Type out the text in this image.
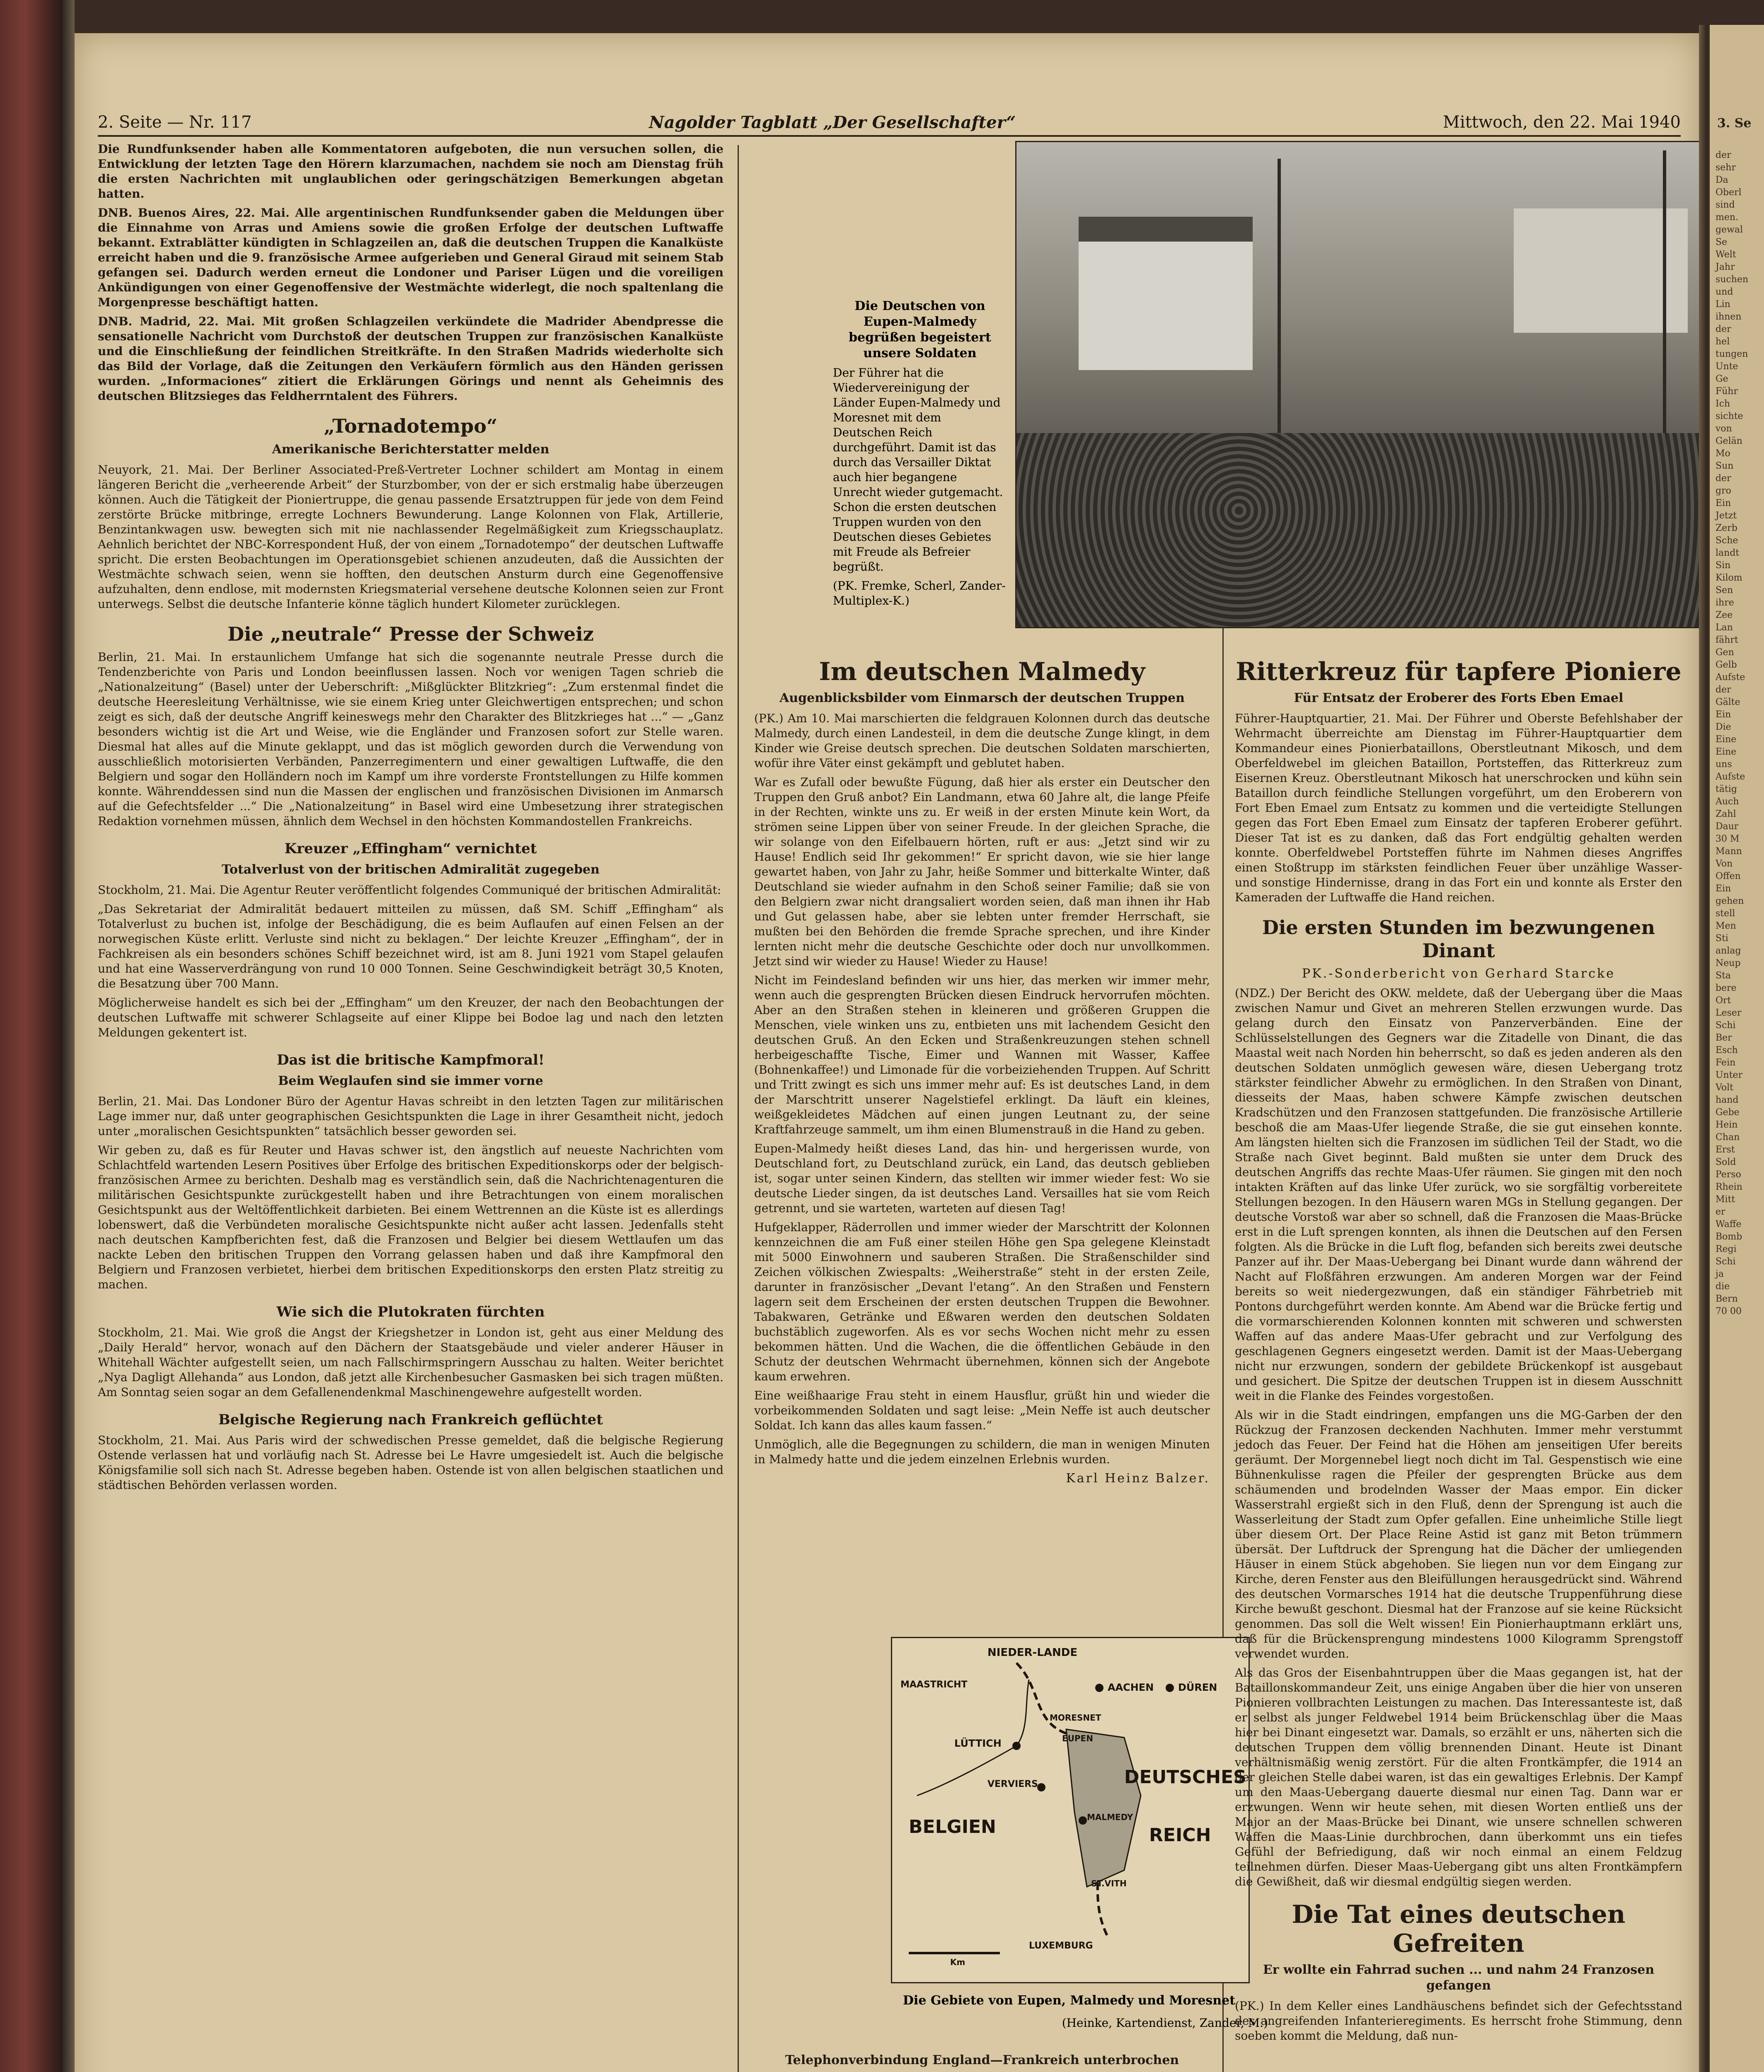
2. Seite — Nr. 117	Nagolder Tagblatt „Der Gesellschafter“	Mittwoch, den 22. Mai 1940

Die Rundfunksender haben alle Kommentatoren aufgeboten, die nun versuchen sollen, die Entwicklung der letzten Tage den Hörern klarzumachen, nachdem sie noch am Dienstag früh die ersten Nachrichten mit unglaublichen oder geringschätzigen Bemerkungen abgetan hatten.

DNB. Buenos Aires, 22. Mai. Alle argentinischen Rundfunksender gaben die Meldungen über die Einnahme von Arras und Amiens sowie die großen Erfolge der deutschen Luftwaffe bekannt. Extrablätter kündigten in Schlagzeilen an, daß die deutschen Truppen die Kanalküste erreicht haben und die 9. französische Armee aufgerieben und General Giraud mit seinem Stab gefangen sei. Dadurch werden erneut die Londoner und Pariser Lügen und die voreiligen Ankündigungen von einer Gegenoffensive der Westmächte widerlegt, die noch spaltenlang die Morgenpresse beschäftigt hatten.

DNB. Madrid, 22. Mai. Mit großen Schlagzeilen verkündete die Madrider Abendpresse die sensationelle Nachricht vom Durchstoß der deutschen Truppen zur französischen Kanalküste und die Einschließung der feindlichen Streitkräfte. In den Straßen Madrids wiederholte sich das Bild der Vorlage, daß die Zeitungen den Verkäufern förmlich aus den Händen gerissen wurden. „Informaciones“ zitiert die Erklärungen Görings und nennt als Geheimnis des deutschen Blitzsieges das Feldherrntalent des Führers.

„Tornadotempo“
Amerikanische Berichterstatter melden

Neuyork, 21. Mai. Der Berliner Associated-Preß-Vertreter Lochner schildert am Montag in einem längeren Bericht die „verheerende Arbeit“ der Sturzbomber, von der er sich erstmalig habe überzeugen können. Auch die Tätigkeit der Pioniertruppe, die genau passende Ersatztruppen für jede von dem Feind zerstörte Brücke mitbringe, erregte Lochners Bewunderung. Lange Kolonnen von Flak, Artillerie, Benzintankwagen usw. bewegten sich mit nie nachlassender Regelmäßigkeit zum Kriegsschauplatz. Aehnlich berichtet der NBC-Korrespondent Huß, der von einem „Tornadotempo“ der deutschen Luftwaffe spricht. Die ersten Beobachtungen im Operationsgebiet schienen anzudeuten, daß die Aussichten der Westmächte schwach seien, wenn sie hofften, den deutschen Ansturm durch eine Gegenoffensive aufzuhalten, denn endlose, mit modernsten Kriegsmaterial versehene deutsche Kolonnen seien zur Front unterwegs. Selbst die deutsche Infanterie könne täglich hundert Kilometer zurücklegen.

Die „neutrale“ Presse der Schweiz

Berlin, 21. Mai. In erstaunlichem Umfange hat sich die sogenannte neutrale Presse durch die Tendenzberichte von Paris und London beeinflussen lassen. Noch vor wenigen Tagen schrieb die „Nationalzeitung“ (Basel) unter der Ueberschrift: „Mißglückter Blitzkrieg“: „Zum erstenmal findet die deutsche Heeresleitung Verhältnisse, wie sie einem Krieg unter Gleichwertigen entsprechen; und schon zeigt es sich, daß der deutsche Angriff keineswegs mehr den Charakter des Blitzkrieges hat ...“ — „Ganz besonders wichtig ist die Art und Weise, wie die Engländer und Franzosen sofort zur Stelle waren. Diesmal hat alles auf die Minute geklappt, und das ist möglich geworden durch die Verwendung von ausschließlich motorisierten Verbänden, Panzerregimentern und einer gewaltigen Luftwaffe, die den Belgiern und sogar den Holländern noch im Kampf um ihre vorderste Frontstellungen zu Hilfe kommen konnte. Währenddessen sind nun die Massen der englischen und französischen Divisionen im Anmarsch auf die Gefechtsfelder ...“ Die „Nationalzeitung“ in Basel wird eine Umbesetzung ihrer strategischen Redaktion vornehmen müssen, ähnlich dem Wechsel in den höchsten Kommandostellen Frankreichs.

Kreuzer „Effingham“ vernichtet
Totalverlust von der britischen Admiralität zugegeben

Stockholm, 21. Mai. Die Agentur Reuter veröffentlicht folgendes Communiqué der britischen Admiralität:

„Das Sekretariat der Admiralität bedauert mitteilen zu müssen, daß SM. Schiff „Effingham“ als Totalverlust zu buchen ist, infolge der Beschädigung, die es beim Auflaufen auf einen Felsen an der norwegischen Küste erlitt. Verluste sind nicht zu beklagen.“ Der leichte Kreuzer „Effingham“, der in Fachkreisen als ein besonders schönes Schiff bezeichnet wird, ist am 8. Juni 1921 vom Stapel gelaufen und hat eine Wasserverdrängung von rund 10 000 Tonnen. Seine Geschwindigkeit beträgt 30,5 Knoten, die Besatzung über 700 Mann.

Möglicherweise handelt es sich bei der „Effingham“ um den Kreuzer, der nach den Beobachtungen der deutschen Luftwaffe mit schwerer Schlagseite auf einer Klippe bei Bodoe lag und nach den letzten Meldungen gekentert ist.

Das ist die britische Kampfmoral!
Beim Weglaufen sind sie immer vorne

Berlin, 21. Mai. Das Londoner Büro der Agentur Havas schreibt in den letzten Tagen zur militärischen Lage immer nur, daß unter geographischen Gesichtspunkten die Lage in ihrer Gesamtheit nicht, jedoch unter „moralischen Gesichtspunkten“ tatsächlich besser geworden sei.

Wir geben zu, daß es für Reuter und Havas schwer ist, den ängstlich auf neueste Nachrichten vom Schlachtfeld wartenden Lesern Positives über Erfolge des britischen Expeditionskorps oder der belgisch-französischen Armee zu berichten. Deshalb mag es verständlich sein, daß die Nachrichtenagenturen die militärischen Gesichtspunkte zurückgestellt haben und ihre Betrachtungen von einem moralischen Gesichtspunkt aus der Weltöffentlichkeit darbieten. Bei einem Wettrennen an die Küste ist es allerdings lobenswert, daß die Verbündeten moralische Gesichtspunkte nicht außer acht lassen. Jedenfalls steht nach deutschen Kampfberichten fest, daß die Franzosen und Belgier bei diesem Wettlaufen um das nackte Leben den britischen Truppen den Vorrang gelassen haben und daß ihre Kampfmoral den Belgiern und Franzosen verbietet, hierbei dem britischen Expeditionskorps den ersten Platz streitig zu machen.

Wie sich die Plutokraten fürchten

Stockholm, 21. Mai. Wie groß die Angst der Kriegshetzer in London ist, geht aus einer Meldung des „Daily Herald“ hervor, wonach auf den Dächern der Staatsgebäude und vieler anderer Häuser in Whitehall Wächter aufgestellt seien, um nach Fallschirmspringern Ausschau zu halten. Weiter berichtet „Nya Dagligt Allehanda“ aus London, daß jetzt alle Kirchenbesucher Gasmasken bei sich tragen müßten. Am Sonntag seien sogar an dem Gefallenendenkmal Maschinengewehre aufgestellt worden.

Belgische Regierung nach Frankreich geflüchtet

Stockholm, 21. Mai. Aus Paris wird der schwedischen Presse gemeldet, daß die belgische Regierung Ostende verlassen hat und vorläufig nach St. Adresse bei Le Havre umgesiedelt ist. Auch die belgische Königsfamilie soll sich nach St. Adresse begeben haben. Ostende ist von allen belgischen staatlichen und städtischen Behörden verlassen worden.

Die Deutschen von Eupen-Malmedy begrüßen begeistert unsere Soldaten

Der Führer hat die Wiedervereinigung der Länder Eupen-Malmedy und Moresnet mit dem Deutschen Reich durchgeführt. Damit ist das durch das Versailler Diktat auch hier begangene Unrecht wieder gutgemacht. Schon die ersten deutschen Truppen wurden von den Deutschen dieses Gebietes mit Freude als Befreier begrüßt.

(PK. Fremke, Scherl, Zander-Multiplex-K.)

Im deutschen Malmedy
Augenblicksbilder vom Einmarsch der deutschen Truppen

(PK.) Am 10. Mai marschierten die feldgrauen Kolonnen durch das deutsche Malmedy, durch einen Landesteil, in dem die deutsche Zunge klingt, in dem Kinder wie Greise deutsch sprechen. Die deutschen Soldaten marschierten, wofür ihre Väter einst gekämpft und geblutet haben.

War es Zufall oder bewußte Fügung, daß hier als erster ein Deutscher den Truppen den Gruß anbot? Ein Landmann, etwa 60 Jahre alt, die lange Pfeife in der Rechten, winkte uns zu. Er weiß in der ersten Minute kein Wort, da strömen seine Lippen über von seiner Freude. In der gleichen Sprache, die wir solange von den Eifelbauern hörten, ruft er aus: „Jetzt sind wir zu Hause! Endlich seid Ihr gekommen!“ Er spricht davon, wie sie hier lange gewartet haben, von Jahr zu Jahr, heiße Sommer und bitterkalte Winter, daß Deutschland sie wieder aufnahm in den Schoß seiner Familie; daß sie von den Belgiern zwar nicht drangsaliert worden seien, daß man ihnen ihr Hab und Gut gelassen habe, aber sie lebten unter fremder Herrschaft, sie mußten bei den Behörden die fremde Sprache sprechen, und ihre Kinder lernten nicht mehr die deutsche Geschichte oder doch nur unvollkommen. Jetzt sind wir wieder zu Hause! Wieder zu Hause!

Nicht im Feindesland befinden wir uns hier, das merken wir immer mehr, wenn auch die gesprengten Brücken diesen Eindruck hervorrufen möchten. Aber an den Straßen stehen in kleineren und größeren Gruppen die Menschen, viele winken uns zu, entbieten uns mit lachendem Gesicht den deutschen Gruß. An den Ecken und Straßenkreuzungen stehen schnell herbeigeschaffte Tische, Eimer und Wannen mit Wasser, Kaffee (Bohnenkaffee!) und Limonade für die vorbeiziehenden Truppen. Auf Schritt und Tritt zwingt es sich uns immer mehr auf: Es ist deutsches Land, in dem der Marschtritt unserer Nagelstiefel erklingt. Da läuft ein kleines, weißgekleidetes Mädchen auf einen jungen Leutnant zu, der seine Kraftfahrzeuge sammelt, um ihm einen Blumenstrauß in die Hand zu geben.

Eupen-Malmedy heißt dieses Land, das hin- und hergerissen wurde, von Deutschland fort, zu Deutschland zurück, ein Land, das deutsch geblieben ist, sogar unter seinen Kindern, das stellten wir immer wieder fest: Wo sie deutsche Lieder singen, da ist deutsches Land. Versailles hat sie vom Reich getrennt, und sie warteten, warteten auf diesen Tag!

Hufgeklapper, Räderrollen und immer wieder der Marschtritt der Kolonnen kennzeichnen die am Fuß einer steilen Höhe gen Spa gelegene Kleinstadt mit 5000 Einwohnern und sauberen Straßen. Die Straßenschilder sind Zeichen völkischen Zwiespalts: „Weiherstraße“ steht in der ersten Zeile, darunter in französischer „Devant l'etang“. An den Straßen und Fenstern lagern seit dem Erscheinen der ersten deutschen Truppen die Bewohner. Tabakwaren, Getränke und Eßwaren werden den deutschen Soldaten buchstäblich zugeworfen. Als es vor sechs Wochen nicht mehr zu essen bekommen hätten. Und die Wachen, die die öffentlichen Gebäude in den Schutz der deutschen Wehrmacht übernehmen, können sich der Angebote kaum erwehren.

Eine weißhaarige Frau steht in einem Hausflur, grüßt hin und wieder die vorbeikommenden Soldaten und sagt leise: „Mein Neffe ist auch deutscher Soldat. Ich kann das alles kaum fassen.“

Unmöglich, alle die Begegnungen zu schildern, die man in wenigen Minuten in Malmedy hatte und die jedem einzelnen Erlebnis wurden.

Karl Heinz Balzer.
NIEDER-LANDE
MAASTRICHT	AACHEN DÜREN
LÜTTICH
MORESNET
EUPEN
VERVIERS	DEUTSCHES
REICH
BELGIEN	MALMEDY
ST.VITH
LUXEMBURG
Km
Die Gebiete von Eupen, Malmedy und Moresnet
(Heinke, Kartendienst, Zander, M.)
Telephonverbindung England—Frankreich unterbrochen

Ritterkreuz für tapfere Pioniere
Für Entsatz der Eroberer des Forts Eben Emael

Führer-Hauptquartier, 21. Mai. Der Führer und Oberste Befehlshaber der Wehrmacht überreichte am Dienstag im Führer-Hauptquartier dem Kommandeur eines Pionierbataillons, Oberstleutnant Mikosch, und dem Oberfeldwebel im gleichen Bataillon, Portsteffen, das Ritterkreuz zum Eisernen Kreuz. Oberstleutnant Mikosch hat unerschrocken und kühn sein Bataillon durch feindliche Stellungen vorgeführt, um den Eroberern von Fort Eben Emael zum Entsatz zu kommen und die verteidigte Stellungen gegen das Fort Eben Emael zum Einsatz der tapferen Eroberer geführt. Dieser Tat ist es zu danken, daß das Fort endgültig gehalten werden konnte. Oberfeldwebel Portsteffen führte im Nahmen dieses Angriffes einen Stoßtrupp im stärksten feindlichen Feuer über unzählige Wasser- und sonstige Hindernisse, drang in das Fort ein und konnte als Erster den Kameraden der Luftwaffe die Hand reichen.

Die ersten Stunden im bezwungenen Dinant
PK.-Sonderbericht von Gerhard Starcke

(NDZ.) Der Bericht des OKW. meldete, daß der Uebergang über die Maas zwischen Namur und Givet an mehreren Stellen erzwungen wurde. Das gelang durch den Einsatz von Panzerverbänden. Eine der Schlüsselstellungen des Gegners war die Zitadelle von Dinant, die das Maastal weit nach Norden hin beherrscht, so daß es jeden anderen als den deutschen Soldaten unmöglich gewesen wäre, diesen Uebergang trotz stärkster feindlicher Abwehr zu ermöglichen. In den Straßen von Dinant, diesseits der Maas, haben schwere Kämpfe zwischen deutschen Kradschützen und den Franzosen stattgefunden. Die französische Artillerie beschoß die am Maas-Ufer liegende Straße, die sie gut einsehen konnte. Am längsten hielten sich die Franzosen im südlichen Teil der Stadt, wo die Straße nach Givet beginnt. Bald mußten sie unter dem Druck des deutschen Angriffs das rechte Maas-Ufer räumen. Sie gingen mit den noch intakten Kräften auf das linke Ufer zurück, wo sie sorgfältig vorbereitete Stellungen bezogen. In den Häusern waren MGs in Stellung gegangen. Der deutsche Vorstoß war aber so schnell, daß die Franzosen die Maas-Brücke erst in die Luft sprengen konnten, als ihnen die Deutschen auf den Fersen folgten. Als die Brücke in die Luft flog, befanden sich bereits zwei deutsche Panzer auf ihr. Der Maas-Uebergang bei Dinant wurde dann während der Nacht auf Floßfähren erzwungen. Am anderen Morgen war der Feind bereits so weit niedergezwungen, daß ein ständiger Fährbetrieb mit Pontons durchgeführt werden konnte. Am Abend war die Brücke fertig und die vormarschierenden Kolonnen konnten mit schweren und schwersten Waffen auf das andere Maas-Ufer gebracht und zur Verfolgung des geschlagenen Gegners eingesetzt werden. Damit ist der Maas-Uebergang nicht nur erzwungen, sondern der gebildete Brückenkopf ist ausgebaut und gesichert. Die Spitze der deutschen Truppen ist in diesem Ausschnitt weit in die Flanke des Feindes vorgestoßen.

Als wir in die Stadt eindringen, empfangen uns die MG-Garben der den Rückzug der Franzosen deckenden Nachhuten. Immer mehr verstummt jedoch das Feuer. Der Feind hat die Höhen am jenseitigen Ufer bereits geräumt. Der Morgennebel liegt noch dicht im Tal. Gespenstisch wie eine Bühnenkulisse ragen die Pfeiler der gesprengten Brücke aus dem schäumenden und brodelnden Wasser der Maas empor. Ein dicker Wasserstrahl ergießt sich in den Fluß, denn der Sprengung ist auch die Wasserleitung der Stadt zum Opfer gefallen. Eine unheimliche Stille liegt über diesem Ort. Der Place Reine Astid ist ganz mit Beton trümmern übersät. Der Luftdruck der Sprengung hat die Dächer der umliegenden Häuser in einem Stück abgehoben. Sie liegen nun vor dem Eingang zur Kirche, deren Fenster aus den Bleifüllungen herausgedrückt sind. Während des deutschen Vormarsches 1914 hat die deutsche Truppenführung diese Kirche bewußt geschont. Diesmal hat der Franzose auf sie keine Rücksicht genommen. Das soll die Welt wissen! Ein Pionierhauptmann erklärt uns, daß für die Brückensprengung mindestens 1000 Kilogramm Sprengstoff verwendet wurden.

Als das Gros der Eisenbahntruppen über die Maas gegangen ist, hat der Bataillonskommandeur Zeit, uns einige Angaben über die hier von unseren Pionieren vollbrachten Leistungen zu machen. Das Interessanteste ist, daß er selbst als junger Feldwebel 1914 beim Brückenschlag über die Maas hier bei Dinant eingesetzt war. Damals, so erzählt er uns, näherten sich die deutschen Truppen dem völlig brennenden Dinant. Heute ist Dinant verhältnismäßig wenig zerstört. Für die alten Frontkämpfer, die 1914 an der gleichen Stelle dabei waren, ist das ein gewaltiges Erlebnis. Der Kampf um den Maas-Uebergang dauerte diesmal nur einen Tag. Dann war er erzwungen. Wenn wir heute sehen, mit diesen Worten entließ uns der Major an der Maas-Brücke bei Dinant, wie unsere schnellen schweren Waffen die Maas-Linie durchbrochen, dann überkommt uns ein tiefes Gefühl der Befriedigung, daß wir noch einmal an einem Feldzug teilnehmen dürfen. Dieser Maas-Uebergang gibt uns alten Frontkämpfern die Gewißheit, daß wir diesmal endgültig siegen werden.

Die Tat eines deutschen Gefreiten
Er wollte ein Fahrrad suchen ... und nahm 24 Franzosen gefangen

(PK.) In dem Keller eines Landhäuschens befindet sich der Gefechtsstand des angreifenden Infanterieregiments. Es herrscht frohe Stimmung, denn soeben kommt die Meldung, daß nun-

3. Se
der
sehr
Da
Oberl
sind
men.
gewal
Se
Welt
Jahr
suchen
und
Lin
ihnen
der
hel
tungen
Unte
Ge
Führ
Ich
sichte
von
Gelän
Mo
Sun
der
gro
Ein
Jetzt
Zerb
Sche
landt
Sin
Kilom
Sen
ihre
Zee
Lan
fährt
Gen
Gelb
Aufste
der
Gälte
Ein
Die
Eine
Eine
uns
Aufste
tätig
Auch
Zahl
Daur
30 M
Mann
Von
Offen
Ein
gehen
stell
Men
Sti
anlag
Neup
Sta
bere
Ort
Leser
Schi
Ber
Esch
Fein
Unter
Volt
hand
Gebe
Hein
Chan
Erst
Sold
Perso
Rhein
Mitt
er
Waffe
Bomb
Regi
Schi
ja
die
Bern
70 00
